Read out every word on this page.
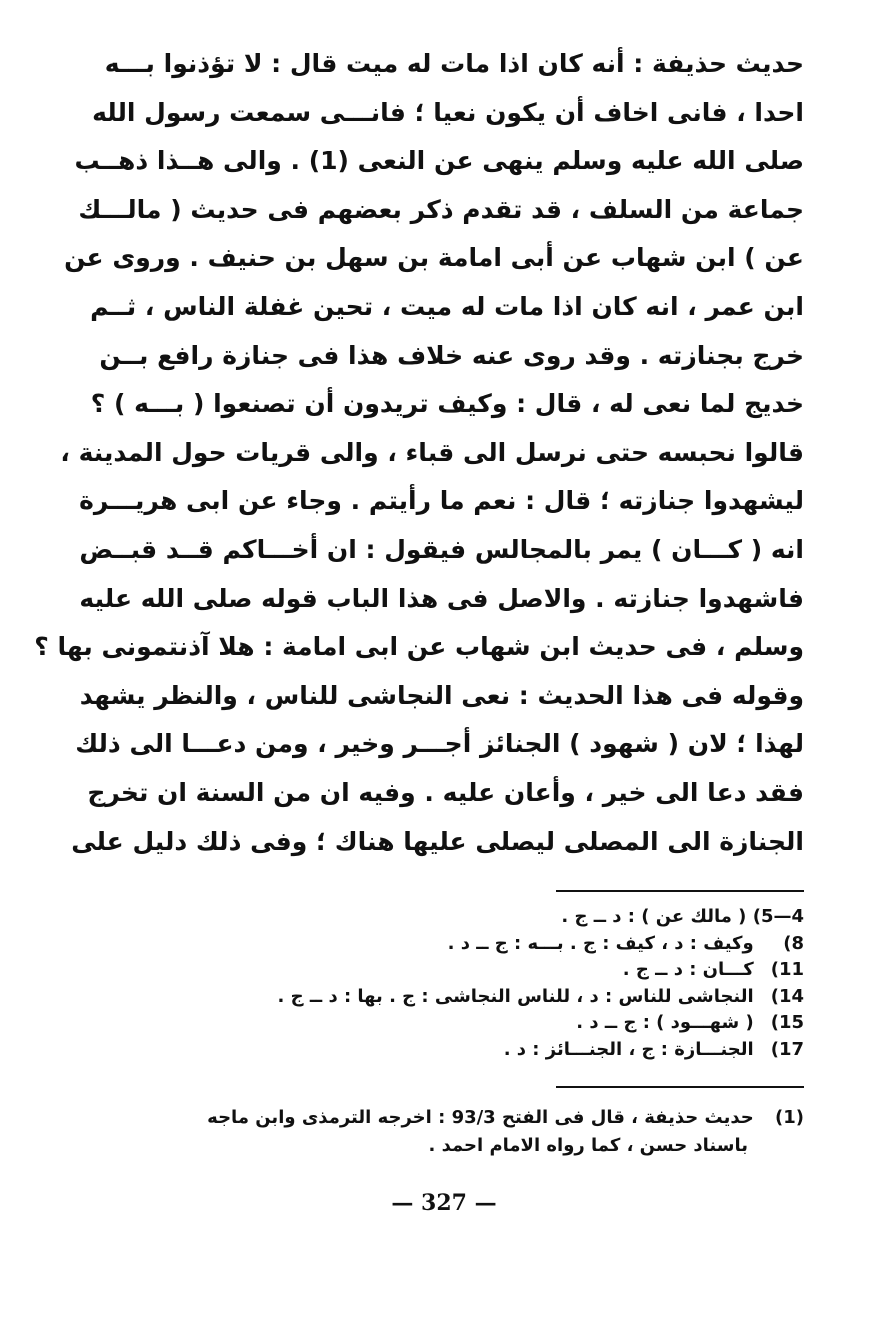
حديث حذيفة : أنه كان اذا مات له ميت قال : لا تؤذنوا بـــه
احدا ، فانى اخاف أن يكون نعيا ؛ فانـــى سمعت رسول الله
صلى الله عليه وسلم ينهى عن النعى (1) . والى هــذا ذهــب
جماعة من السلف ، قد تقدم ذكر بعضهم فى حديث ( مالـــك
عن ) ابن شهاب عن أبى امامة بن سهل بن حنيف . وروى عن
ابن عمر ، انه كان اذا مات له ميت ، تحين غفلة الناس ، ثــم
خرج بجنازته . وقد روى عنه خلاف هذا فى جنازة رافع بــن
خديج لما نعى له ، قال : وكيف تريدون أن تصنعوا ( بـــه ) ؟
قالوا نحبسه حتى نرسل الى قباء ، والى قريات حول المدينة ،
ليشهدوا جنازته ؛ قال : نعم ما رأيتم . وجاء عن ابى هريـــرة
انه ( كـــان ) يمر بالمجالس فيقول : ان أخـــاكم قــد قبــض
فاشهدوا جنازته . والاصل فى هذا الباب قوله صلى الله عليه
وسلم ، فى حديث ابن شهاب عن ابى امامة : هلا آذنتمونى بها ؟
وقوله فى هذا الحديث : نعى النجاشى للناس ، والنظر يشهد
لهذا ؛ لان ( شهود ) الجنائز أجـــر وخير ، ومن دعـــا الى ذلك
فقد دعا الى خير ، وأعان عليه . وفيه ان من السنة ان تخرج
الجنازة الى المصلى ليصلى عليها هناك ؛ وفى ذلك دليل على
4—5) ( مالك عن ) : د ــ ج .
8) وكيف : د ، كيف : ج . بـــه : ج ــ د .
11) كـــان : د ــ ج .
14) النجاشى للناس : د ، للناس النجاشى : ج . بها : د ــ ج .
15) ( شهـــود ) : ج ــ د .
17) الجنـــازة : ج ، الجنـــائز : د .
(1) حديث حذيفة ، قال فى الفتح 93/3 : اخرجه الترمذى وابن ماجه
باسناد حسن ، كما رواه الامام احمد .
— 327 —
